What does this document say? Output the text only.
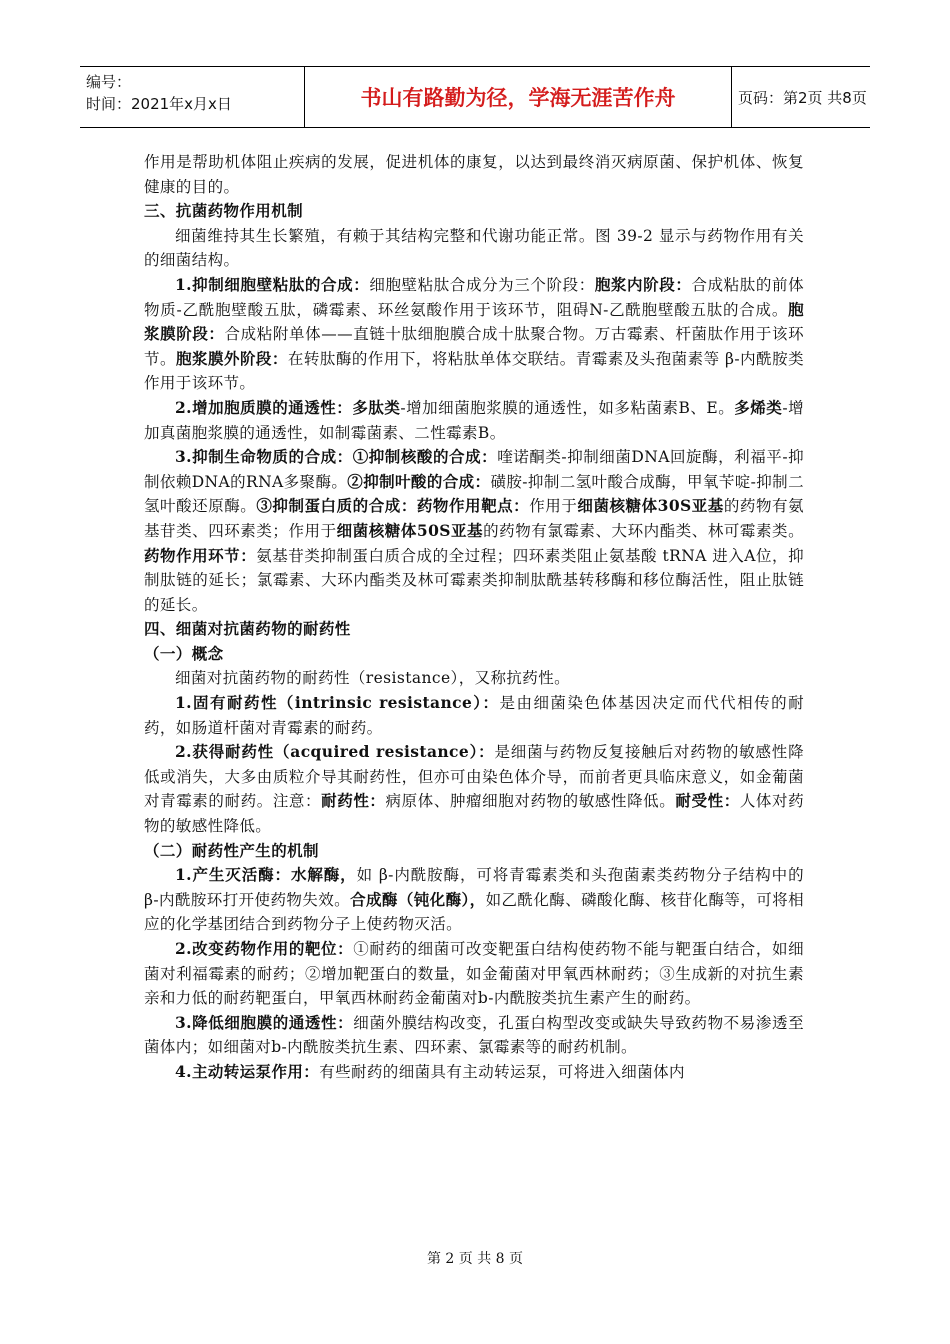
编号：
时间：2021年x月x日	书山有路勤为径，学海无涯苦作舟	页码：第2页 共8页

作用是帮助机体阻止疾病的发展，促进机体的康复，以达到最终消灭病原菌、保护机体、恢复健康的目的。

三、抗菌药物作用机制

细菌维持其生长繁殖，有赖于其结构完整和代谢功能正常。图 39-2 显示与药物作用有关的细菌结构。

1.抑制细胞壁粘肽的合成：细胞壁粘肽合成分为三个阶段：胞浆内阶段：合成粘肽的前体物质-乙酰胞壁酸五肽，磷霉素、环丝氨酸作用于该环节，阻碍N-乙酰胞壁酸五肽的合成。胞浆膜阶段：合成粘附单体——直链十肽细胞膜合成十肽聚合物。万古霉素、杆菌肽作用于该环节。胞浆膜外阶段：在转肽酶的作用下，将粘肽单体交联结。青霉素及头孢菌素等 β-内酰胺类作用于该环节。

2.增加胞质膜的通透性：多肽类-增加细菌胞浆膜的通透性，如多粘菌素B、E。多烯类-增加真菌胞浆膜的通透性，如制霉菌素、二性霉素B。

3.抑制生命物质的合成：①抑制核酸的合成：喹诺酮类-抑制细菌DNA回旋酶，利福平-抑制依赖DNA的RNA多聚酶。②抑制叶酸的合成：磺胺-抑制二氢叶酸合成酶，甲氧苄啶-抑制二氢叶酸还原酶。③抑制蛋白质的合成：药物作用靶点：作用于细菌核糖体30S亚基的药物有氨基苷类、四环素类；作用于细菌核糖体50S亚基的药物有氯霉素、大环内酯类、林可霉素类。药物作用环节：氨基苷类抑制蛋白质合成的全过程；四环素类阻止氨基酸 tRNA 进入A位，抑制肽链的延长；氯霉素、大环内酯类及林可霉素类抑制肽酰基转移酶和移位酶活性，阻止肽链的延长。

四、细菌对抗菌药物的耐药性

（一）概念

细菌对抗菌药物的耐药性（resistance），又称抗药性。

1.固有耐药性（intrinsic resistance）：是由细菌染色体基因决定而代代相传的耐药，如肠道杆菌对青霉素的耐药。

2.获得耐药性（acquired resistance）：是细菌与药物反复接触后对药物的敏感性降低或消失，大多由质粒介导其耐药性，但亦可由染色体介导，而前者更具临床意义，如金葡菌对青霉素的耐药。注意：耐药性：病原体、肿瘤细胞对药物的敏感性降低。耐受性：人体对药物的敏感性降低。

（二）耐药性产生的机制

1.产生灭活酶：水解酶，如 β-内酰胺酶，可将青霉素类和头孢菌素类药物分子结构中的 β-内酰胺环打开使药物失效。合成酶（钝化酶），如乙酰化酶、磷酸化酶、核苷化酶等，可将相应的化学基团结合到药物分子上使药物灭活。

2.改变药物作用的靶位：①耐药的细菌可改变靶蛋白结构使药物不能与靶蛋白结合，如细菌对利福霉素的耐药；②增加靶蛋白的数量，如金葡菌对甲氧西林耐药；③生成新的对抗生素亲和力低的耐药靶蛋白，甲氧西林耐药金葡菌对b-内酰胺类抗生素产生的耐药。

3.降低细胞膜的通透性：细菌外膜结构改变，孔蛋白构型改变或缺失导致药物不易渗透至菌体内；如细菌对b-内酰胺类抗生素、四环素、氯霉素等的耐药机制。

4.主动转运泵作用：有些耐药的细菌具有主动转运泵，可将进入细菌体内

第 2 页 共 8 页
